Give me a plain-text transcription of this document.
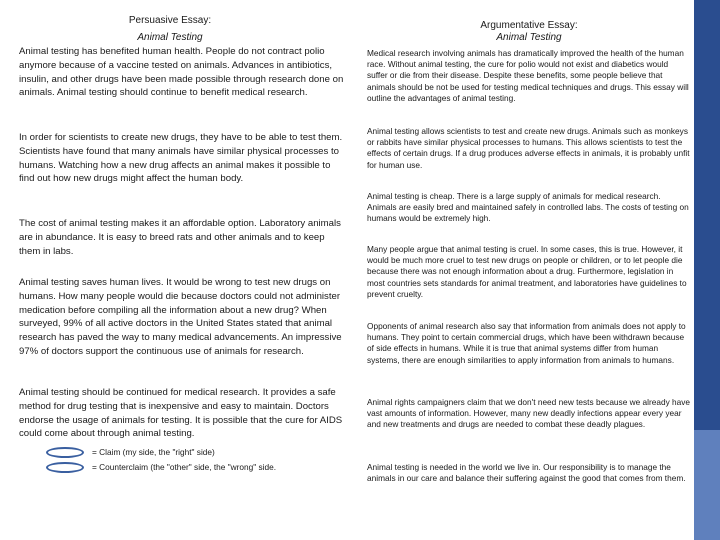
Persuasive Essay:

Animal Testing

Animal testing has benefited human health. People do not contract polio anymore because of a vaccine tested on animals. Advances in antibiotics, insulin, and other drugs have been made possible through research done on animals. Animal testing should continue to benefit medical research.

In order for scientists to create new drugs, they have to be able to test them. Scientists have found that many animals have similar physical processes to humans. Watching how a new drug affects an animal makes it possible to find out how new drugs might affect the human body.

The cost of animal testing makes it an affordable option. Laboratory animals are in abundance. It is easy to breed rats and other animals and to keep them in labs.

Animal testing saves human lives. It would be wrong to test new drugs on humans. How many people would die because doctors could not administer medication before compiling all the information about a new drug? When surveyed, 99% of all active doctors in the United States stated that animal research has paved the way to many medical advancements. An impressive 97% of doctors support the continuous use of animals for research.

Animal testing should be continued for medical research. It provides a safe method for drug testing that is inexpensive and easy to maintain. Doctors endorse the usage of animals for testing. It is possible that the cure for AIDS could come about through animal testing.

= Claim (my side, the "right" side)
= Counterclaim (the "other" side, the "wrong" side.

Argumentative Essay:

Animal Testing

Medical research involving animals has dramatically improved the health of the human race. Without animal testing, the cure for polio would not exist and diabetics would suffer or die from their disease. Despite these benefits, some people believe that animals should be not be used for testing medical techniques and drugs. This essay will outline the advantages of animal testing.

Animal testing allows scientists to test and create new drugs. Animals such as monkeys or rabbits have similar physical processes to humans. This allows scientists to test the effects of certain drugs. If a drug produces adverse effects in animals, it is probably unfit for human use.

Animal testing is cheap. There is a large supply of animals for medical research. Animals are easily bred and maintained safely in controlled labs. The costs of testing on humans would be extremely high.

Many people argue that animal testing is cruel. In some cases, this is true. However, it would be much more cruel to test new drugs on people or children, or to let people die because there was not enough information about a drug. Furthermore, legislation in most countries sets standards for animal treatment, and laboratories have guidelines to prevent cruelty.

Opponents of animal research also say that information from animals does not apply to humans. They point to certain commercial drugs, which have been withdrawn because of side effects in humans. While it is true that animal systems differ from human systems, there are enough similarities to apply information from animals to humans.

Animal rights campaigners claim that we don't need new tests because we already have vast amounts of information. However, many new deadly infections appear every year and new treatments and drugs are needed to combat these deadly plagues.

Animal testing is needed in the world we live in. Our responsibility is to manage the animals in our care and balance their suffering against the good that comes from them.
